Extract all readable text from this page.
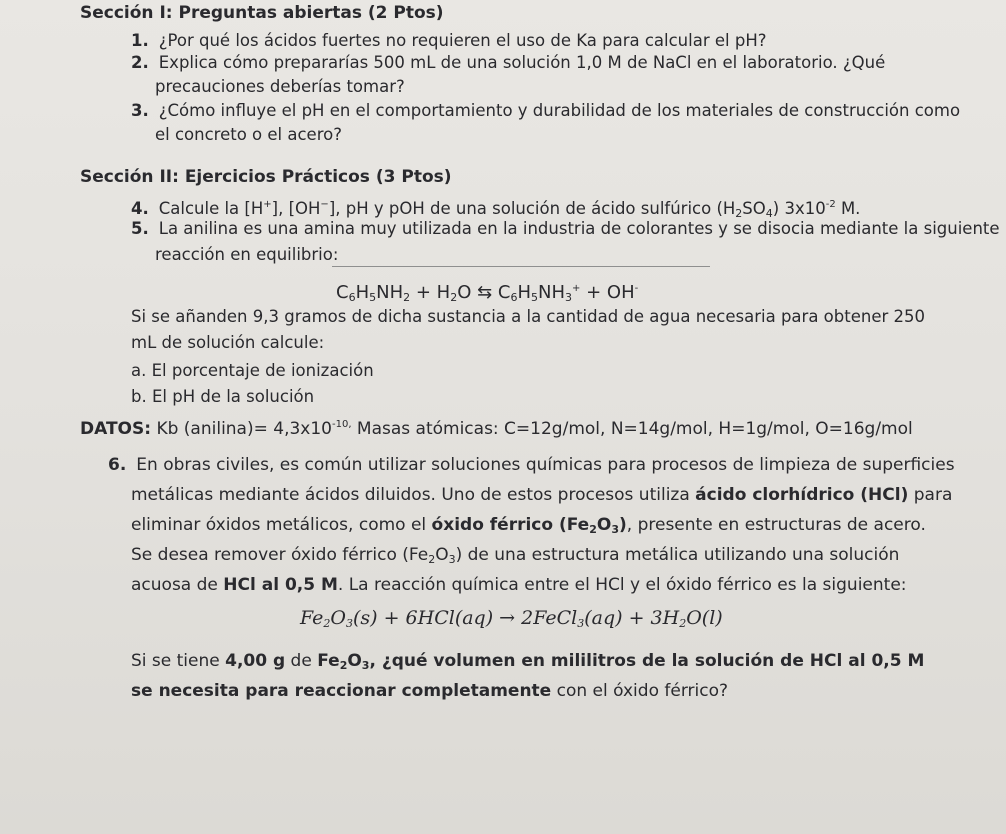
Sección I: Preguntas abiertas (2 Ptos)
1. ¿Por qué los ácidos fuertes no requieren el uso de Ka para calcular el pH?
2. Explica cómo prepararías 500 mL de una solución 1,0 M de NaCl en el laboratorio. ¿Qué
precauciones deberías tomar?
3. ¿Cómo influye el pH en el comportamiento y durabilidad de los materiales de construcción como
el concreto o el acero?
Sección II: Ejercicios Prácticos (3 Ptos)
4. Calcule la [H+], [OH−], pH y pOH de una solución de ácido sulfúrico $(H_2SO_4)$ $3x10^{-2}$ M.
5. La anilina es una amina muy utilizada en la industria de colorantes y se disocia mediante la siguiente
reacción en equilibrio:
$C_6H_5NH_2 + H_2O$ ⇆ $C_6H_5NH_3^+ + OH^-$
Si se añanden 9,3 gramos de dicha sustancia a la cantidad de agua necesaria para obtener 250
mL de solución calcule:
a. El porcentaje de ionización
b. El pH de la solución
DATOS: Kb (anilina)= $4,3x10^{-10,}$ Masas atómicas: C=12g/mol, N=14g/mol, H=1g/mol, O=16g/mol
6. En obras civiles, es común utilizar soluciones químicas para procesos de limpieza de superficies
metálicas mediante ácidos diluidos. Uno de estos procesos utiliza ácido clorhídrico (HCl) para
eliminar óxidos metálicos, como el óxido férrico $(Fe_2O_3)$, presente en estructuras de acero.
Se desea remover óxido férrico $(Fe_2O_3)$ de una estructura metálica utilizando una solución
acuosa de HCl al 0,5 M. La reacción química entre el HCl y el óxido férrico es la siguiente:
$Fe_2O_3(s) + 6HCl(aq)$ → 2FeCl$_3$(aq) + $3H_2O(l)$
Si se tiene 4,00 g de $Fe_2O_3$, ¿qué volumen en mililitros de la solución de HCl al 0,5 M
se necesita para reaccionar completamente con el óxido férrico?
